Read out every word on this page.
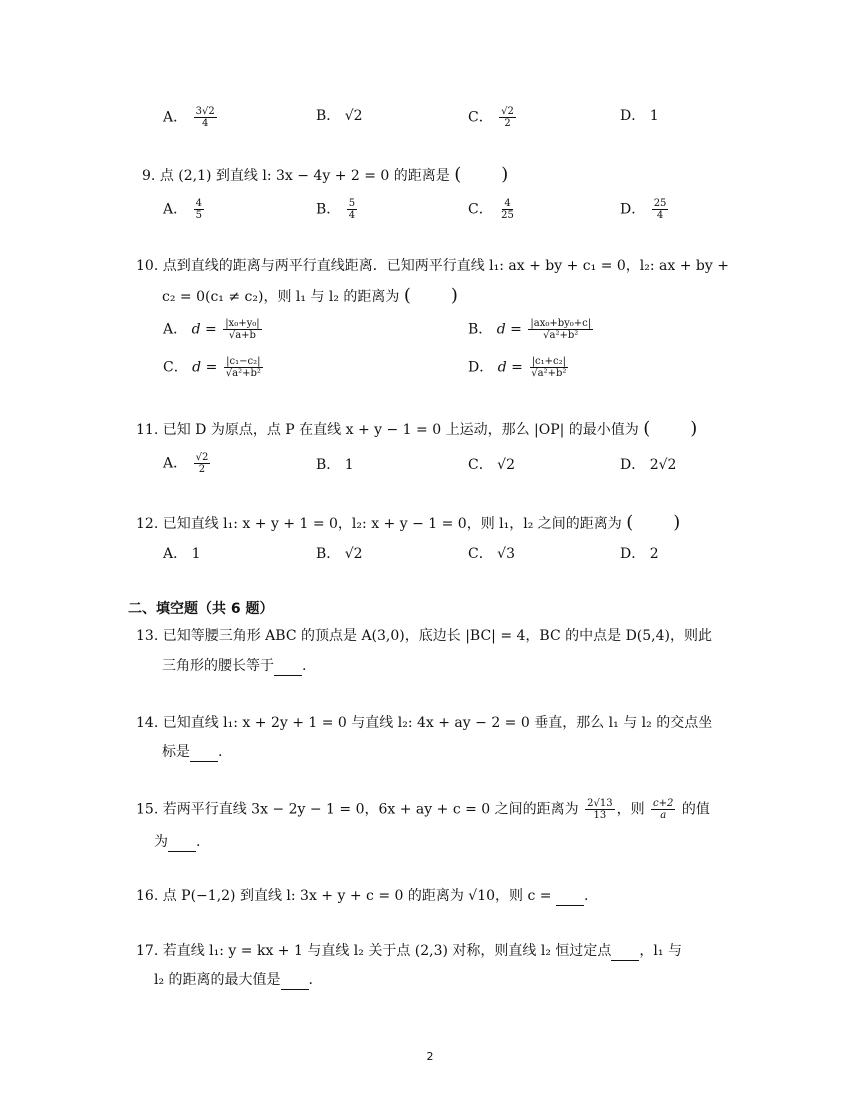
A． $\frac{3√2}{4}$	B． √2	C． $\frac{√2}{2}$	D． 1
9. 点 (2,1) 到直线 l: 3x − 4y + 2 = 0 的距离是 ( )
A． $\frac{4}{5}$	B． $\frac{5}{4}$	C． $\frac{4}{25}$	D． $\frac{25}{4}$
10. 点到直线的距离与两平行直线距离．已知两平行直线 l₁: ax + by + c₁ = 0，l₂: ax + by +
c₂ = 0(c₁ ≠ c₂)，则 l₁ 与 l₂ 的距离为 ( )
A． $d = \frac{\text{|x₀+y₀|}}{√a+b}$	B． $d = \frac{\text{|ax₀+by₀+c|}}{\text{√a²+b²}}$
C． $d = \frac{\text{|c₁−c₂|}}{\text{√a²+b²}}$	D． $d = \frac{\text{|c₁+c₂|}}{\text{√a²+b²}}$
11. 已知 D 为原点，点 P 在直线 x + y − 1 = 0 上运动，那么 |OP| 的最小值为 ( )
A． $\frac{√2}{2}$	B． 1	C． √2	D． 2√2
12. 已知直线 l₁: x + y + 1 = 0，l₂: x + y − 1 = 0，则 l₁，l₂ 之间的距离为 ( )
A． 1	B． √2	C． √3	D． 2
二、填空题（共 6 题）
13. 已知等腰三角形 ABC 的顶点是 A(3,0)，底边长 |BC| = 4，BC 的中点是 D(5,4)，则此
三角形的腰长等于 .
14. 已知直线 l₁: x + 2y + 1 = 0 与直线 l₂: 4x + ay − 2 = 0 垂直，那么 l₁ 与 l₂ 的交点坐
标是 .
15. 若两平行直线 3x − 2y − 1 = 0，6x + ay + c = 0 之间的距离为 $\frac{2√13}{13}$ ，则 $\frac{c+2}{a}$ 的值
为 .
16. 点 P(−1,2) 到直线 l: 3x + y + c = 0 的距离为 √10，则 c = .
17. 若直线 l₁: y = kx + 1 与直线 l₂ 关于点 (2,3) 对称，则直线 l₂ 恒过定点 ，l₁ 与
l₂ 的距离的最大值是 .
2
